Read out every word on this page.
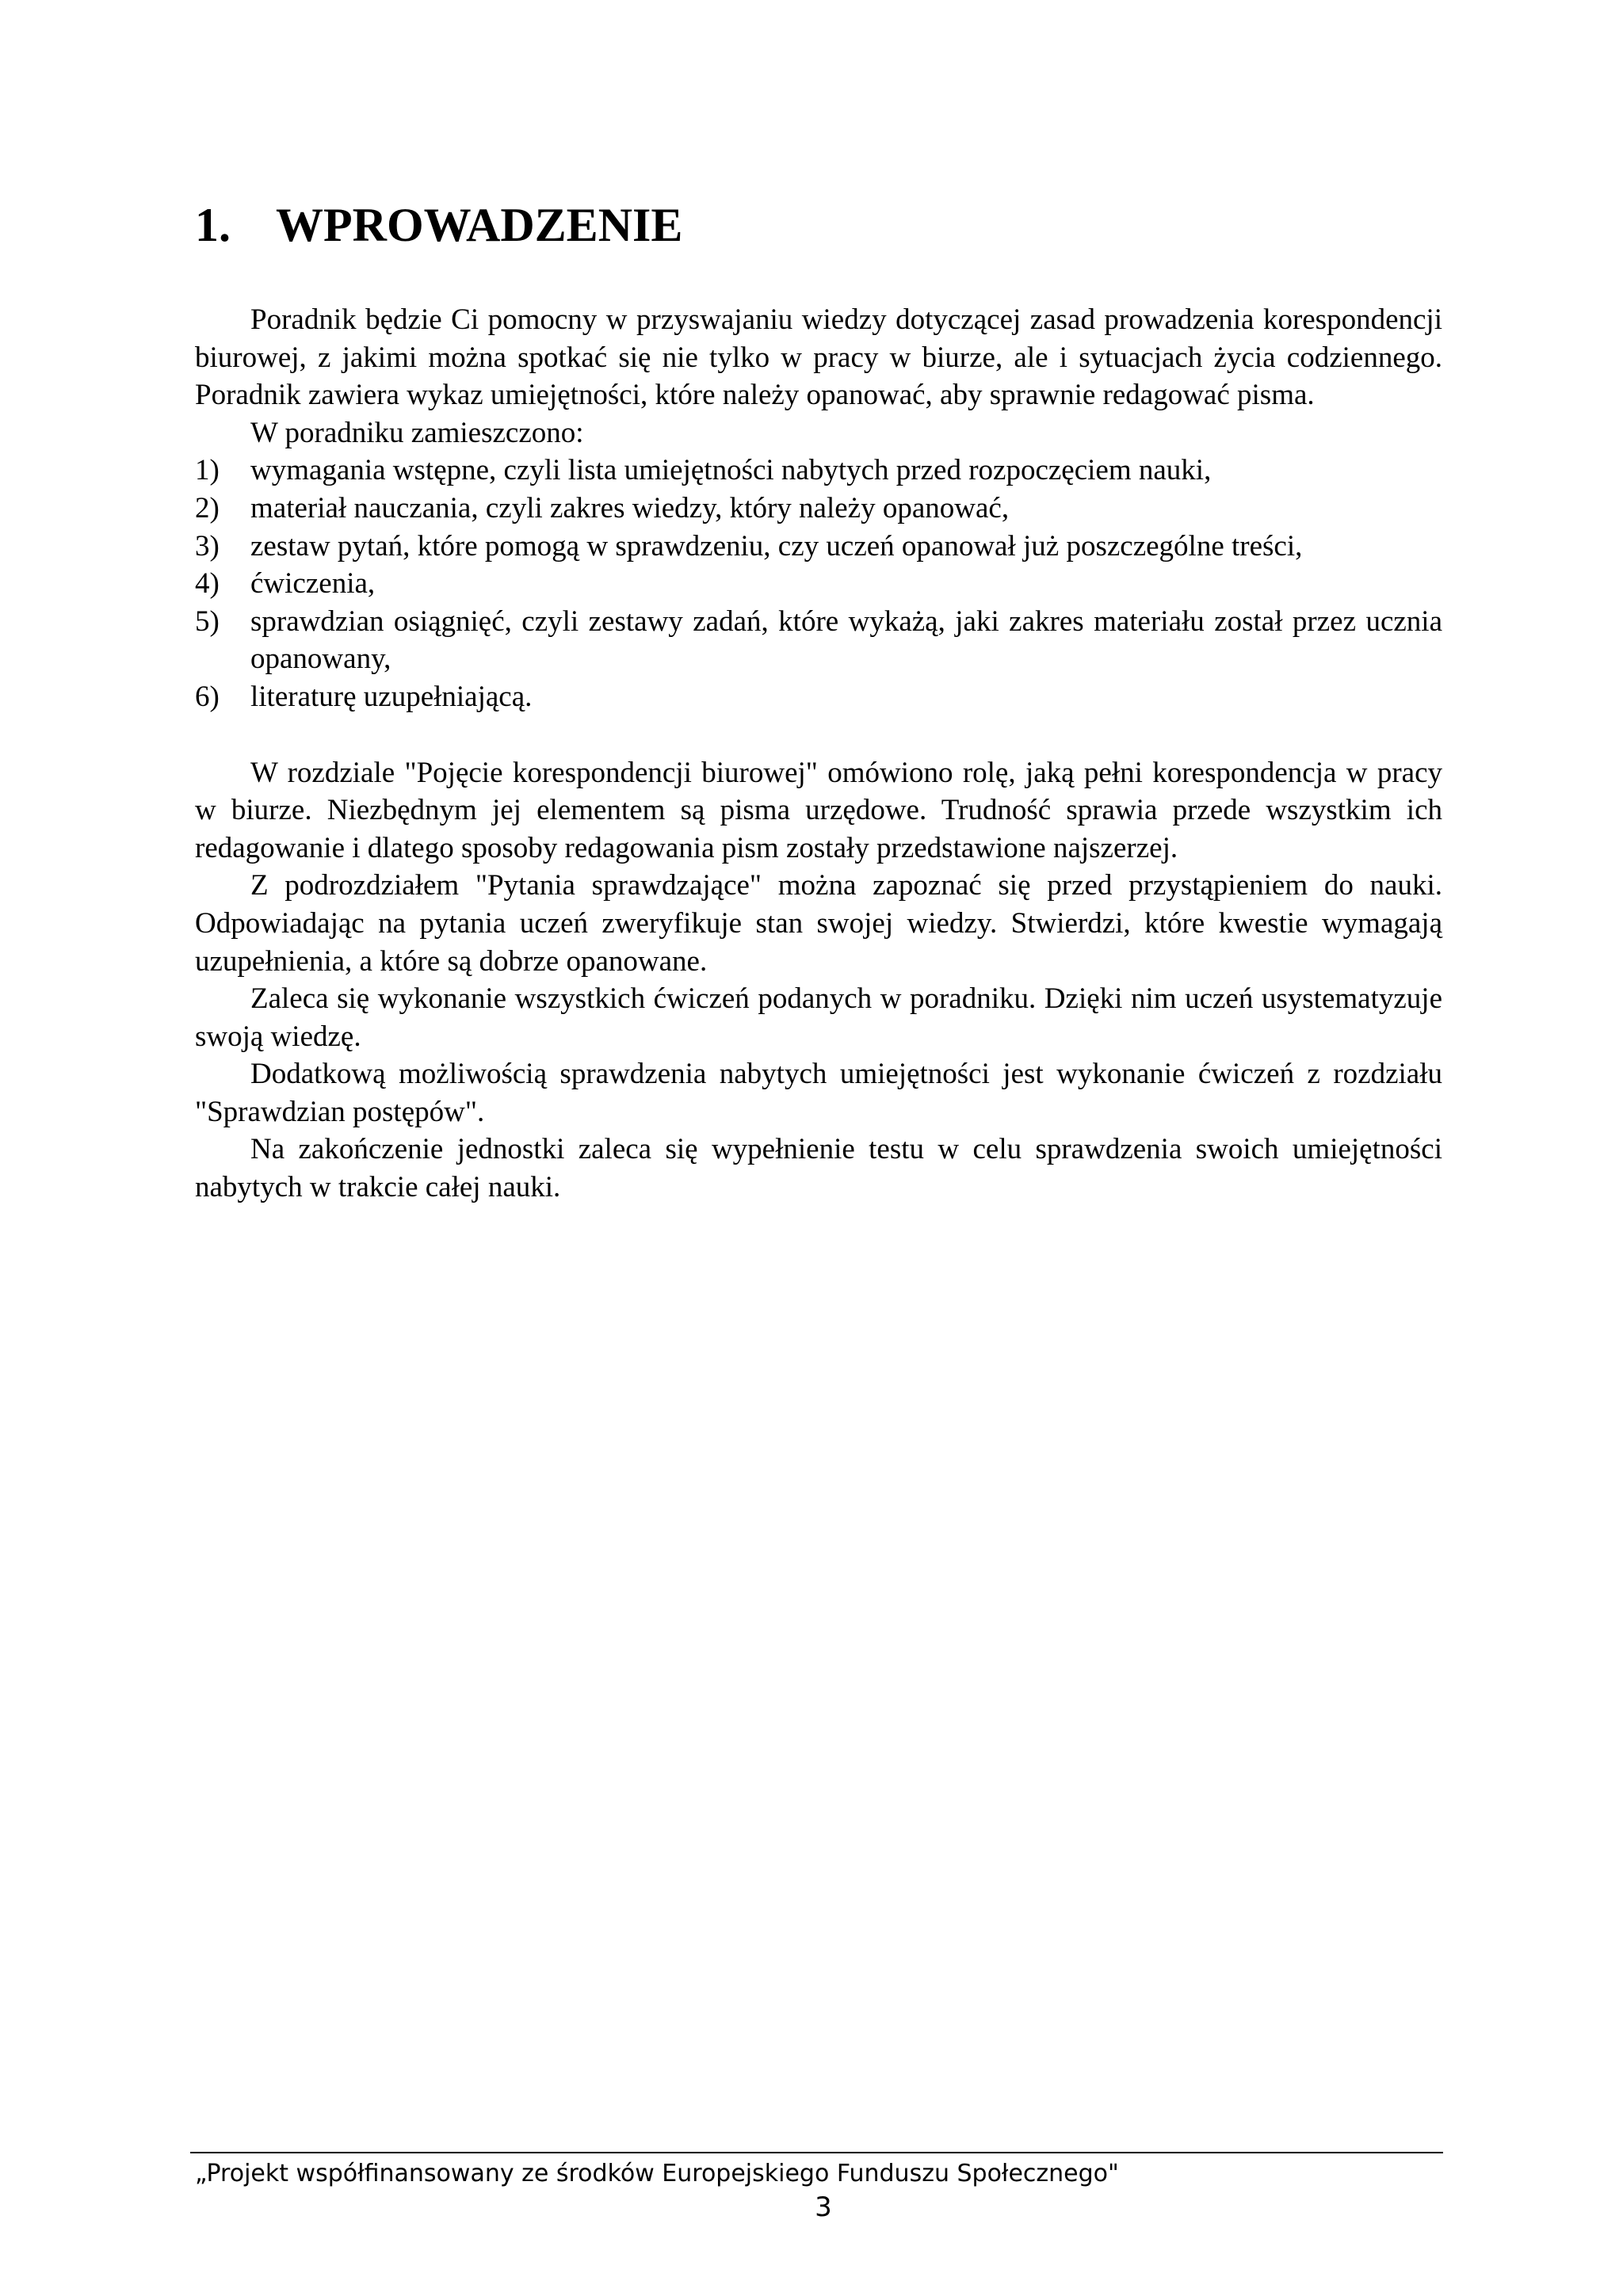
1. WPROWADZENIE

Poradnik będzie Ci pomocny w przyswajaniu wiedzy dotyczącej zasad prowadzenia korespondencji biurowej, z jakimi można spotkać się nie tylko w pracy w biurze, ale i sytuacjach życia codziennego. Poradnik zawiera wykaz umiejętności, które należy opanować, aby sprawnie redagować pisma.

W poradniku zamieszczono:

1)	wymagania wstępne, czyli lista umiejętności nabytych przed rozpoczęciem nauki,
2)	materiał nauczania, czyli zakres wiedzy, który należy opanować,
3)	zestaw pytań, które pomogą w sprawdzeniu, czy uczeń opanował już poszczególne treści,
4)	ćwiczenia,
5)	sprawdzian osiągnięć, czyli zestawy zadań, które wykażą, jaki zakres materiału został przez ucznia opanowany,
6)	literaturę uzupełniającą.

W rozdziale "Pojęcie korespondencji biurowej" omówiono rolę, jaką pełni korespondencja w pracy w biurze. Niezbędnym jej elementem są pisma urzędowe. Trudność sprawia przede wszystkim ich redagowanie i dlatego sposoby redagowania pism zostały przedstawione najszerzej.

Z podrozdziałem "Pytania sprawdzające" można zapoznać się przed przystąpieniem do nauki. Odpowiadając na pytania uczeń zweryfikuje stan swojej wiedzy. Stwierdzi, które kwestie wymagają uzupełnienia, a które są dobrze opanowane.

Zaleca się wykonanie wszystkich ćwiczeń podanych w poradniku. Dzięki nim uczeń usystematyzuje swoją wiedzę.

Dodatkową możliwością sprawdzenia nabytych umiejętności jest wykonanie ćwiczeń z rozdziału "Sprawdzian postępów".

Na zakończenie jednostki zaleca się wypełnienie testu w celu sprawdzenia swoich umiejętności nabytych w trakcie całej nauki.

„Projekt współfinansowany ze środków Europejskiego Funduszu Społecznego"
3
